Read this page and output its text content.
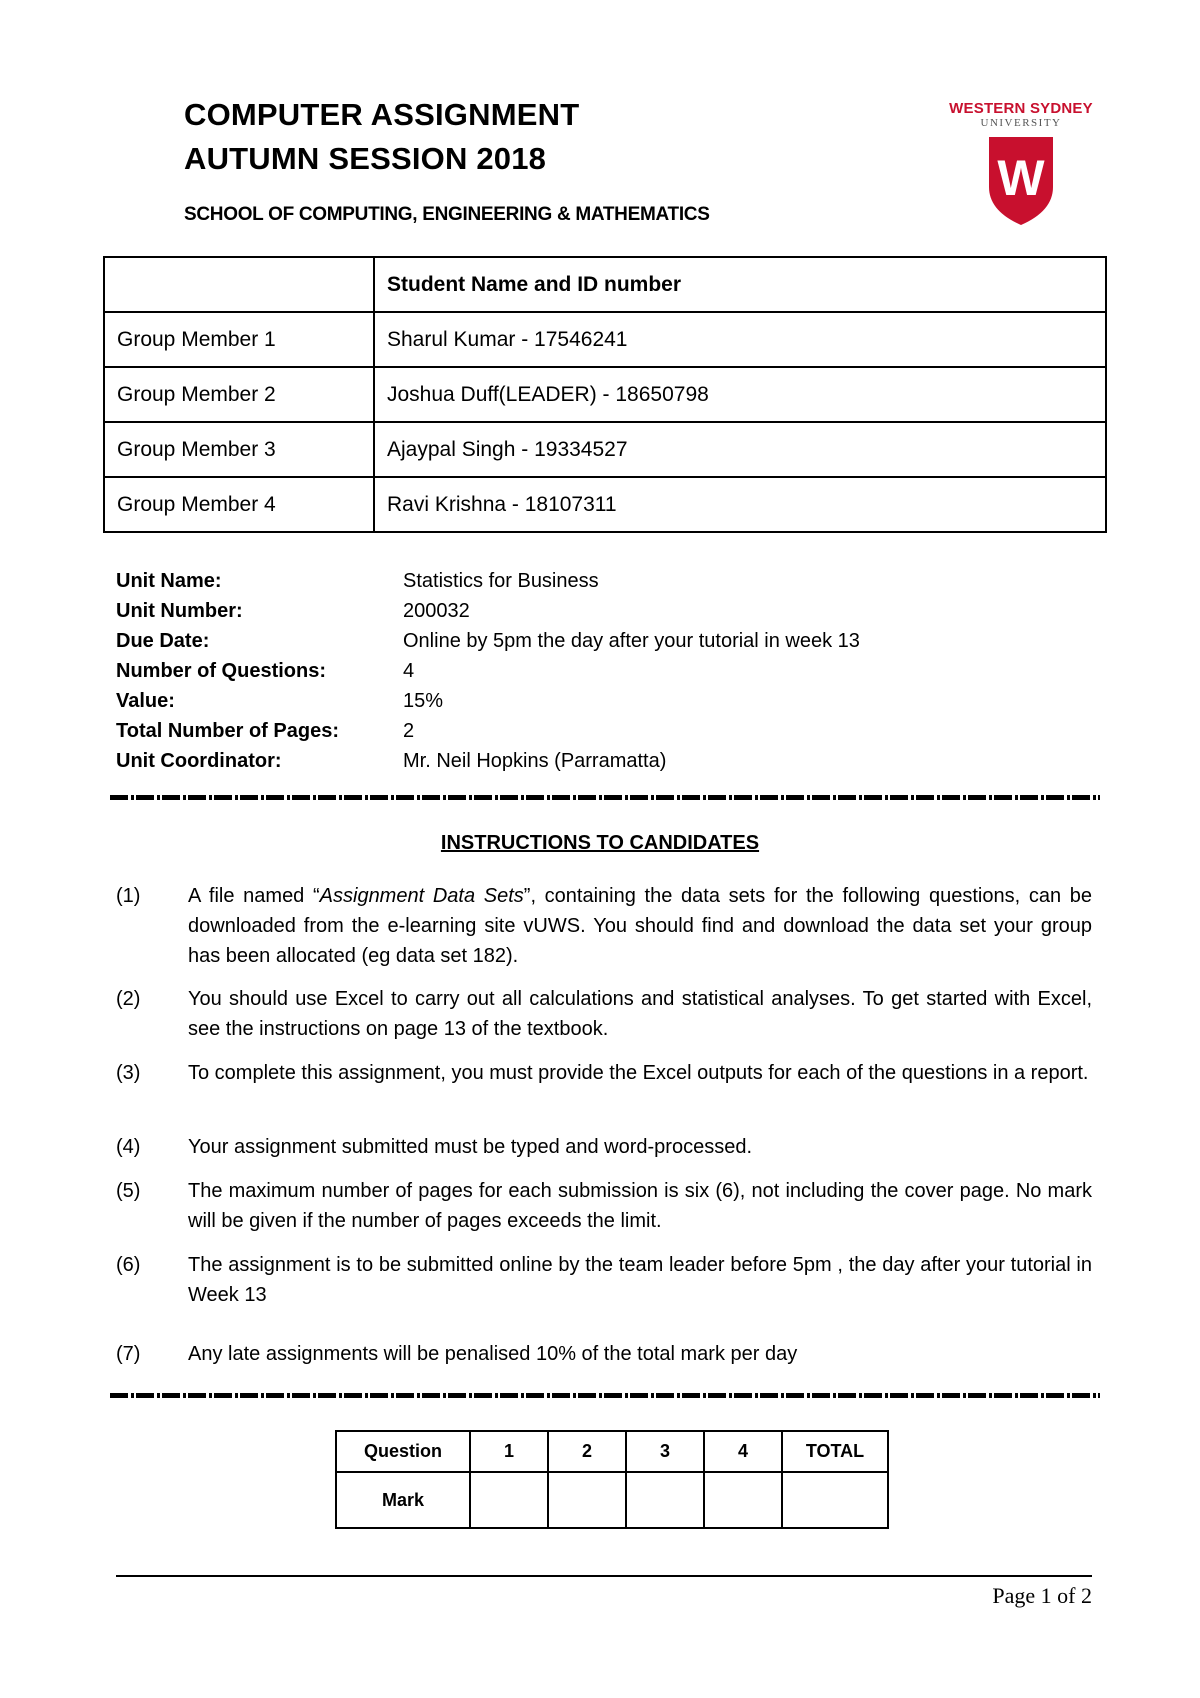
COMPUTER ASSIGNMENT
AUTUMN SESSION 2018

SCHOOL OF COMPUTING, ENGINEERING & MATHEMATICS

WESTERN SYDNEY
UNIVERSITY
W
	Student Name and ID number
Group Member 1	Sharul Kumar - 17546241
Group Member 2	Joshua Duff(LEADER) - 18650798
Group Member 3	Ajaypal Singh - 19334527
Group Member 4	Ravi Krishna - 18107311
Unit Name:	Statistics for Business
Unit Number:	200032
Due Date:	Online by 5pm the day after your tutorial in week 13
Number of Questions:	4
Value:	15%
Total Number of Pages:	2
Unit Coordinator:	Mr. Neil Hopkins (Parramatta)

INSTRUCTIONS TO CANDIDATES

(1) A file named “Assignment Data Sets”, containing the data sets for the following questions, can be downloaded from the e-learning site vUWS. You should find and download the data set your group has been allocated (eg data set 182).
(2) You should use Excel to carry out all calculations and statistical analyses. To get started with Excel, see the instructions on page 13 of the textbook.
(3) To complete this assignment, you must provide the Excel outputs for each of the questions in a report.
(4) Your assignment submitted must be typed and word-processed.
(5) The maximum number of pages for each submission is six (6), not including the cover page. No mark will be given if the number of pages exceeds the limit.
(6) The assignment is to be submitted online by the team leader before 5pm , the day after your tutorial in Week 13
(7) Any late assignments will be penalised 10% of the total mark per day
Question	1	2	3	4	TOTAL
Mark					
Page 1 of 2
